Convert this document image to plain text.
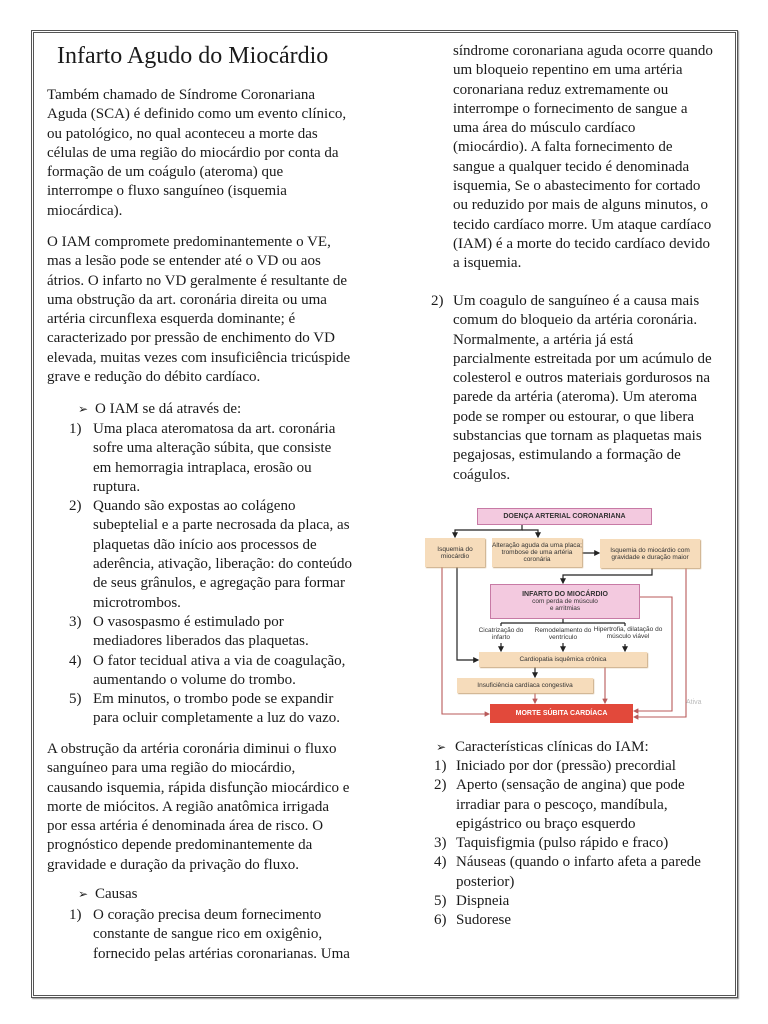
Infarto Agudo do Miocárdio
Também chamado de Síndrome Coronariana
Aguda (SCA) é definido como um evento clínico,
ou patológico, no qual aconteceu a morte das
células de uma região do miocárdio por conta da
formação de um coágulo (ateroma) que
interrompe o fluxo sanguíneo (isquemia
miocárdica).
O IAM compromete predominantemente o VE,
mas a lesão pode se entender até o VD ou aos
átrios. O infarto no VD geralmente é resultante de
uma obstrução da art. coronária direita ou uma
artéria circunflexa esquerda dominante; é
caracterizado por pressão de enchimento do VD
elevada, muitas vezes com insuficiência tricúspide
grave e redução do débito cardíaco.
➢ O IAM se dá através de:
1) Uma placa ateromatosa da art. coronária
sofre uma alteração súbita, que consiste
em hemorragia intraplaca, erosão ou
ruptura.
2) Quando são expostas ao colágeno
subeptelial e a parte necrosada da placa, as
plaquetas dão início aos processos de
aderência, ativação, liberação: do conteúdo
de seus grânulos, e agregação para formar
microtrombos.
3) O vasospasmo é estimulado por
mediadores liberados das plaquetas.
4) O fator tecidual ativa a via de coagulação,
aumentando o volume do trombo.
5) Em minutos, o trombo pode se expandir
para ocluir completamente a luz do vazo.
A obstrução da artéria coronária diminui o fluxo
sanguíneo para uma região do miocárdio,
causando isquemia, rápida disfunção miocárdico e
morte de miócitos. A região anatômica irrigada
por essa artéria é denominada área de risco. O
prognóstico depende predominantemente da
gravidade e duração da privação do fluxo.
➢ Causas
1) O coração precisa deum fornecimento
constante de sangue rico em oxigênio,
fornecido pelas artérias coronarianas. Uma
síndrome coronariana aguda ocorre quando
um bloqueio repentino em uma artéria
coronariana reduz extremamente ou
interrompe o fornecimento de sangue a
uma área do músculo cardíaco
(miocárdio). A falta fornecimento de
sangue a qualquer tecido é denominada
isquemia, Se o abastecimento for cortado
ou reduzido por mais de alguns minutos, o
tecido cardíaco morre. Um ataque cardíaco
(IAM) é a morte do tecido cardíaco devido
a isquemia.
2) Um coagulo de sanguíneo é a causa mais
comum do bloqueio da artéria coronária.
Normalmente, a artéria já está
parcialmente estreitada por um acúmulo de
colesterol e outros materiais gordurosos na
parede da artéria (ateroma). Um ateroma
pode se romper ou estourar, o que libera
substancias que tornam as plaquetas mais
pegajosas, estimulando a formação de
coágulos.
DOENÇA ARTERIAL CORONARIANA
Isquemia do miocárdio
Alteração aguda da uma placa; trombose de uma artéria coronária
Isquemia do miocárdio com gravidade e duração maior
INFARTO DO MIOCÁRDIO
com perda de músculo e arritmias
Cicatrização do infarto
Remodelamento do ventrículo
Hipertrofia, dilatação do músculo viável
Cardiopatia isquêmica crônica
Insuficiência cardíaca congestiva
MORTE SÚBITA CARDÍACA
Ativa
➢ Características clínicas do IAM:
1) Iniciado por dor (pressão) precordial
2) Aperto (sensação de angina) que pode
irradiar para o pescoço, mandíbula,
epigástrico ou braço esquerdo
3) Taquisfigmia (pulso rápido e fraco)
4) Náuseas (quando o infarto afeta a parede
posterior)
5) Dispneia
6) Sudorese
